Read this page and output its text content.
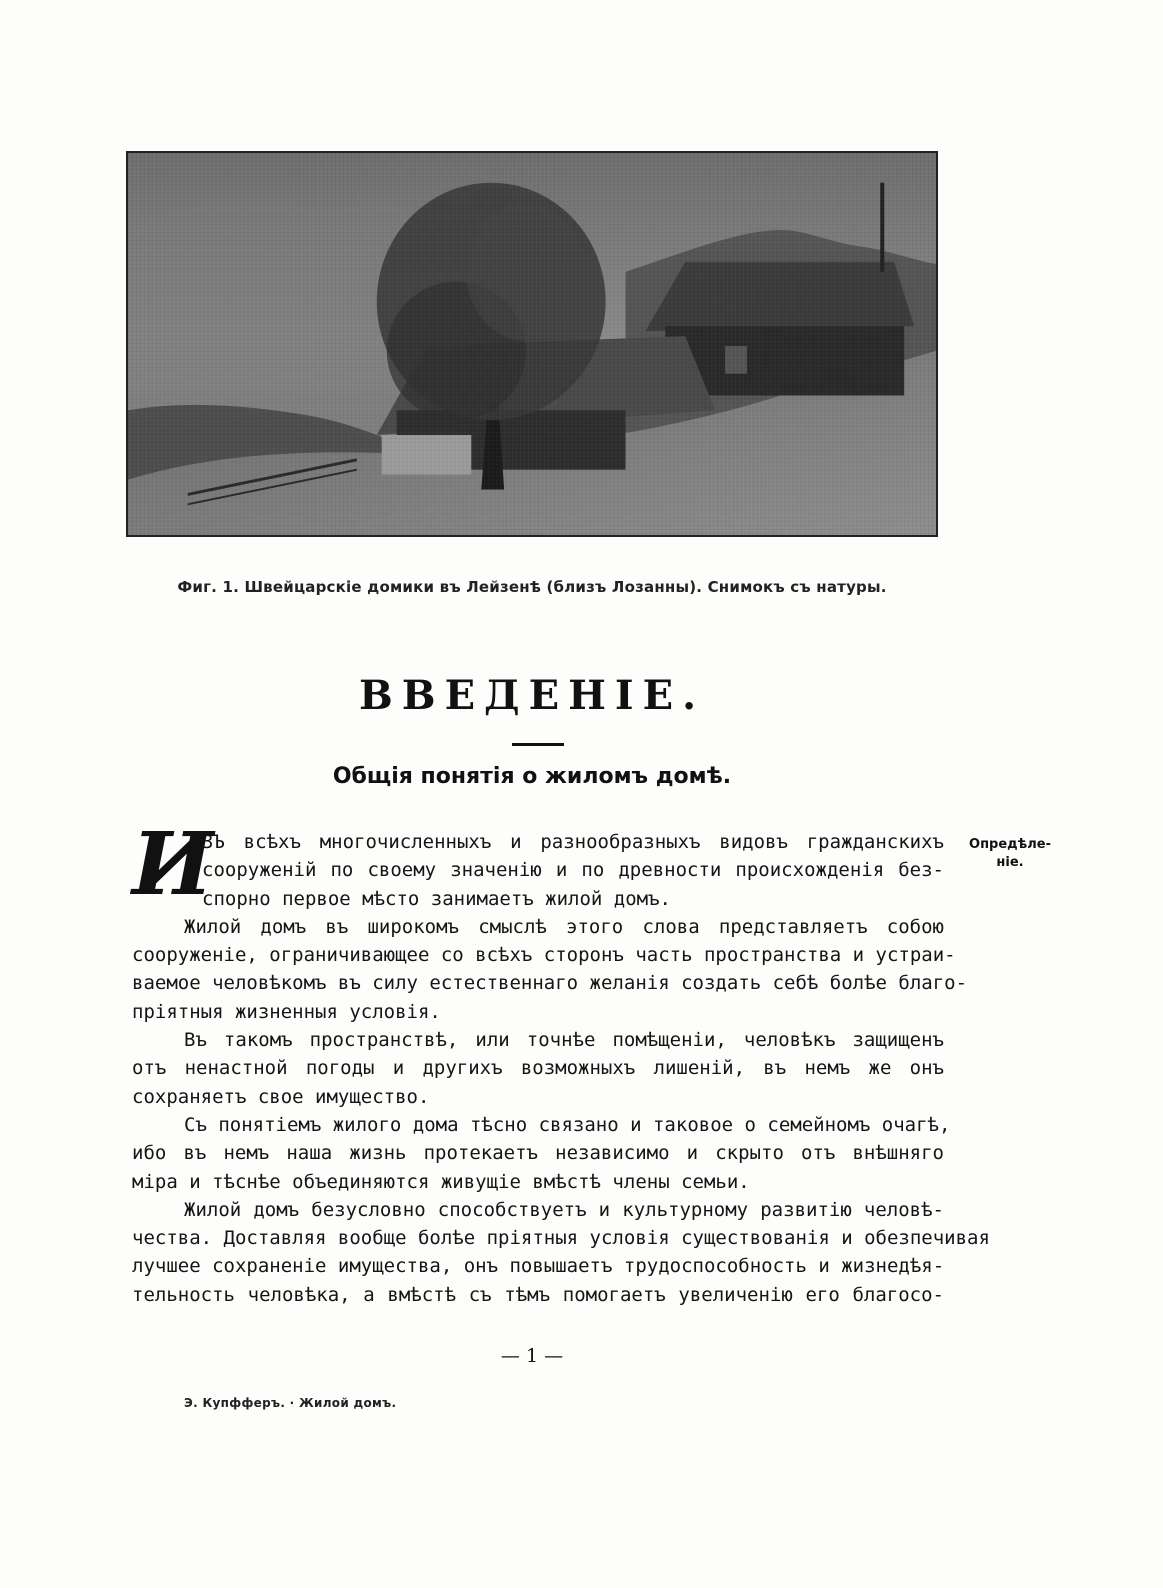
Фиг. 1. Швейцарскіе домики въ Лейзенѣ (близъ Лозанны). Снимокъ съ натуры.
ВВЕДЕНІЕ.
Общія понятія о жиломъ домѣ.
Опредѣле-
ніе.
И
ЗЪ всѣхъ многочисленныхъ и разнообразныхъ видовъ гражданскихъ
сооруженій по своему значенію и по древности происхожденія без-
спорно первое мѣсто занимаетъ жилой домъ.
Жилой домъ въ широкомъ смыслѣ этого слова представляетъ собою
сооруженіе, ограничивающее со всѣхъ сторонъ часть пространства и устраи-
ваемое человѣкомъ въ силу естественнаго желанія создать себѣ болѣе благо-
пріятныя жизненныя условія.
Въ такомъ пространствѣ, или точнѣе помѣщеніи, человѣкъ защищенъ
отъ ненастной погоды и другихъ возможныхъ лишеній, въ немъ же онъ
сохраняетъ свое имущество.
Съ понятіемъ жилого дома тѣсно связано и таковое о семейномъ очагѣ,
ибо въ немъ наша жизнь протекаетъ независимо и скрыто отъ внѣшняго
міра и тѣснѣе объединяются живущіе вмѣстѣ члены семьи.
Жилой домъ безусловно способствуетъ и культурному развитію человѣ-
чества. Доставляя вообще болѣе пріятныя условія существованія и обезпечивая
лучшее сохраненіе имущества, онъ повышаетъ трудоспособность и жизнедѣя-
тельность человѣка, а вмѣстѣ съ тѣмъ помогаетъ увеличенію его благосо-
— 1 —
Э. Купфферъ. · Жилой домъ.
